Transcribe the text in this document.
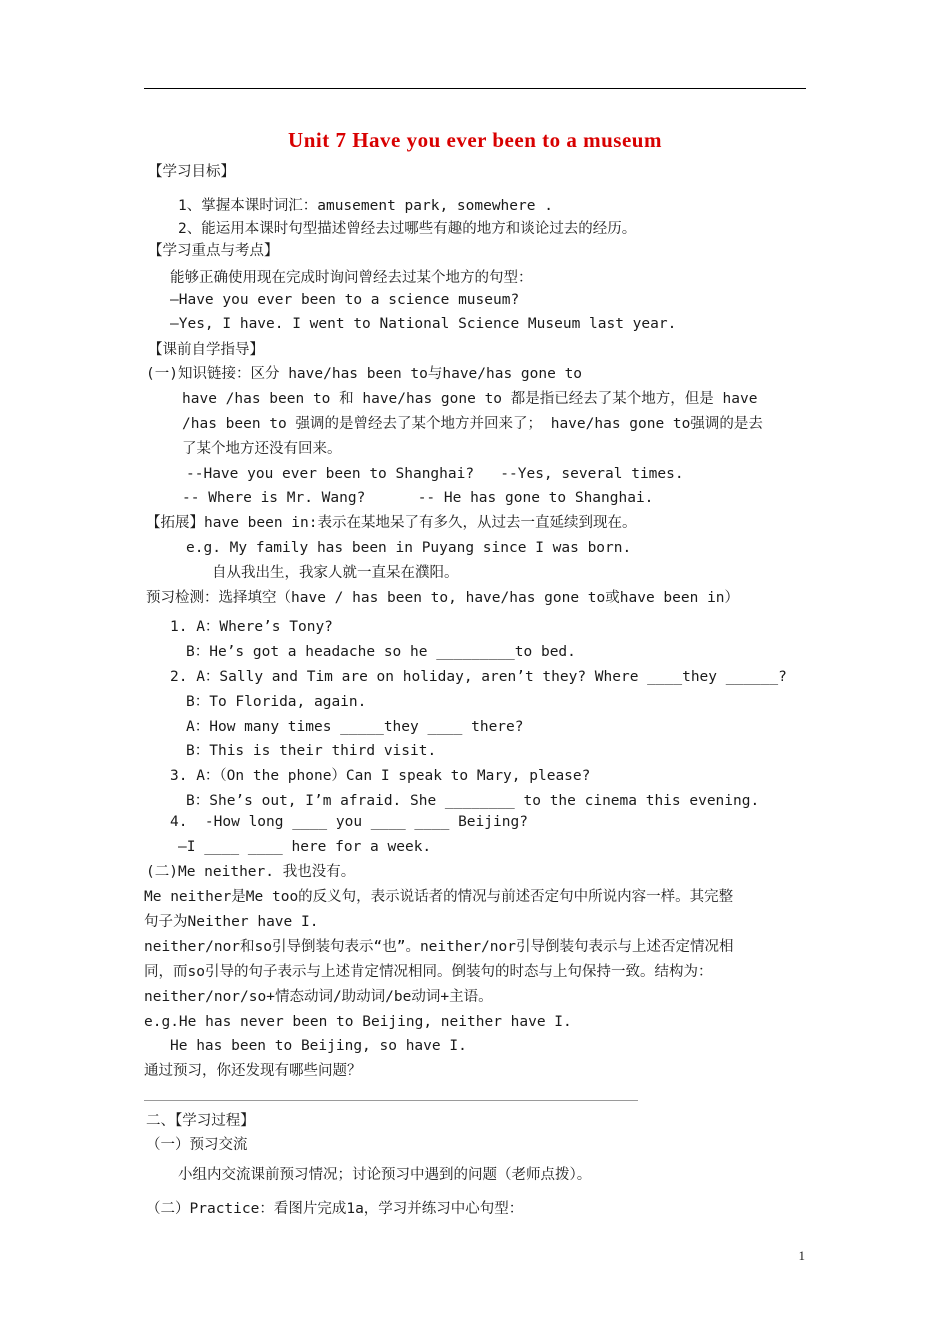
Unit 7 Have you ever been to a museum
【学习目标】
1、掌握本课时词汇：amusement park, somewhere .
2、能运用本课时句型描述曾经去过哪些有趣的地方和谈论过去的经历。
【学习重点与考点】
能够正确使用现在完成时询问曾经去过某个地方的句型：
—Have you ever been to a science museum?
—Yes, I have. I went to National Science Museum last year.
【课前自学指导】
(一)知识链接：区分 have/has been to与have/has gone to
have /has been to 和 have/has gone to 都是指已经去了某个地方，但是 have
/has been to 强调的是曾经去了某个地方并回来了； have/has gone to强调的是去
了某个地方还没有回来。
--Have you ever been to Shanghai?   --Yes, several times.
-- Where is Mr. Wang?      -- He has gone to Shanghai.
【拓展】have been in:表示在某地呆了有多久，从过去一直延续到现在。
e.g. My family has been in Puyang since I was born.
自从我出生，我家人就一直呆在濮阳。
预习检测：选择填空（have / has been to, have/has gone to或have been in）
1. A：Where’s Tony?
B：He’s got a headache so he _________to bed.
2. A：Sally and Tim are on holiday, aren’t they? Where ____they ______?
B：To Florida, again.
A：How many times _____they ____ there?
B：This is their third visit.
3. A：（On the phone）Can I speak to Mary, please?
B：She’s out, I’m afraid. She ________ to the cinema this evening.
4.  -How long ____ you ____ ____ Beijing?
—I ____ ____ here for a week.
(二)Me neither. 我也没有。
Me neither是Me too的反义句，表示说话者的情况与前述否定句中所说内容一样。其完整
句子为Neither have I.
neither/nor和so引导倒装句表示“也”。neither/nor引导倒装句表示与上述否定情况相
同，而so引导的句子表示与上述肯定情况相同。倒装句的时态与上句保持一致。结构为：
neither/nor/so+情态动词/助动词/be动词+主语。
e.g.He has never been to Beijing, neither have I.
He has been to Beijing, so have I.
通过预习，你还发现有哪些问题？
二、【学习过程】
（一）预习交流
小组内交流课前预习情况；讨论预习中遇到的问题（老师点拨）。
（二）Practice：看图片完成1a，学习并练习中心句型：
1
